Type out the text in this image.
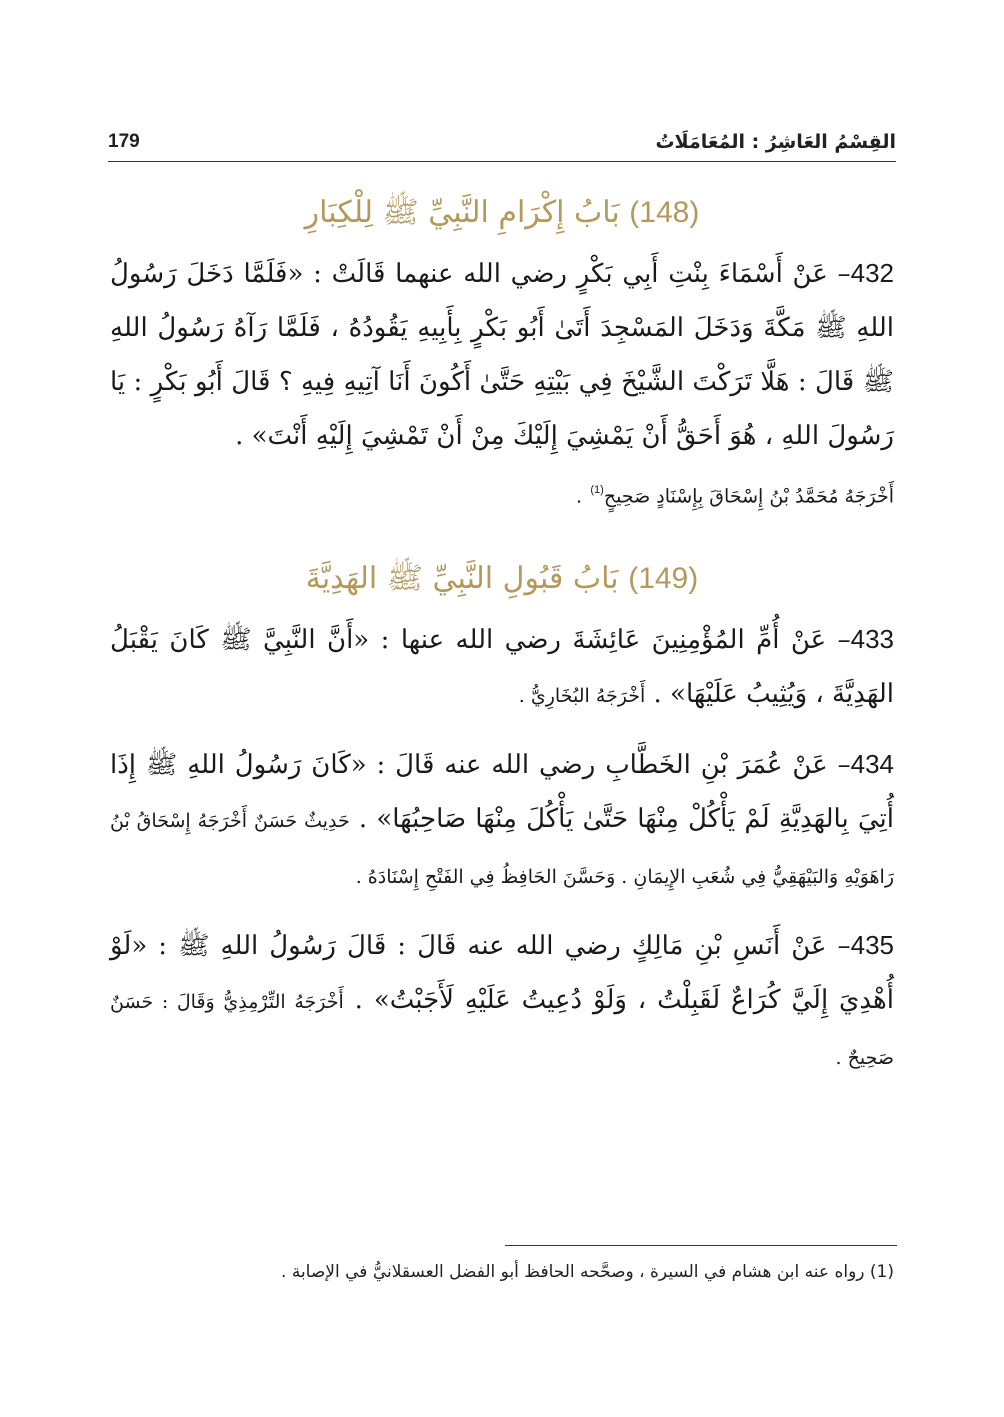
179	القِسْمُ العَاشِرُ : المُعَامَلَاتُ
(148) بَابُ إِكْرَامِ النَّبِيِّ ﷺ لِلْكِبَارِ

432– عَنْ أَسْمَاءَ بِنْتِ أَبِي بَكْرٍ رضي الله عنهما قَالَتْ : «فَلَمَّا دَخَلَ رَسُولُ اللهِ ﷺ مَكَّةَ وَدَخَلَ المَسْجِدَ أَتَىٰ أَبُو بَكْرٍ بِأَبِيهِ يَقُودُهُ ، فَلَمَّا رَآهُ رَسُولُ اللهِ ﷺ قَالَ : هَلَّا تَرَكْتَ الشَّيْخَ فِي بَيْتِهِ حَتَّىٰ أَكُونَ أَنَا آتِيهِ فِيهِ ؟ قَالَ أَبُو بَكْرٍ : يَا رَسُولَ اللهِ ، هُوَ أَحَقُّ أَنْ يَمْشِيَ إِلَيْكَ مِنْ أَنْ تَمْشِيَ إِلَيْهِ أَنْتَ» .
أَخْرَجَهُ مُحَمَّدُ بْنُ إِسْحَاقَ بِإِسْنَادٍ صَحِيحٍ$^{(1)}$ .

(149) بَابُ قَبُولِ النَّبِيِّ ﷺ الهَدِيَّةَ

433– عَنْ أُمِّ المُؤْمِنِينَ عَائِشَةَ رضي الله عنها : «أَنَّ النَّبِيَّ ﷺ كَانَ يَقْبَلُ الهَدِيَّةَ ، وَيُثِيبُ عَلَيْهَا» . أَخْرَجَهُ البُخَارِيُّ .

434– عَنْ عُمَرَ بْنِ الخَطَّابِ رضي الله عنه قَالَ : «كَانَ رَسُولُ اللهِ ﷺ إِذَا أُتِيَ بِالهَدِيَّةِ لَمْ يَأْكُلْ مِنْهَا حَتَّىٰ يَأْكُلَ مِنْهَا صَاحِبُهَا» . حَدِيثٌ حَسَنٌ أَخْرَجَهُ إِسْحَاقُ بْنُ رَاهَوَيْهِ وَالبَيْهَقِيُّ فِي شُعَبِ الإِيمَانِ . وَحَسَّنَ الحَافِظُ فِي الفَتْحِ إِسْنَادَهُ .

435– عَنْ أَنَسِ بْنِ مَالِكٍ رضي الله عنه قَالَ : قَالَ رَسُولُ اللهِ ﷺ : «لَوْ أُهْدِيَ إِلَيَّ كُرَاعٌ لَقَبِلْتُ ، وَلَوْ دُعِيتُ عَلَيْهِ لَأَجَبْتُ» . أَخْرَجَهُ التِّرْمِذِيُّ وَقَالَ : حَسَنٌ صَحِيحٌ .

(1) رواه عنه ابن هشام في السيرة ، وصحَّحه الحافظ أبو الفضل العسقلانيُّ في الإصابة .
